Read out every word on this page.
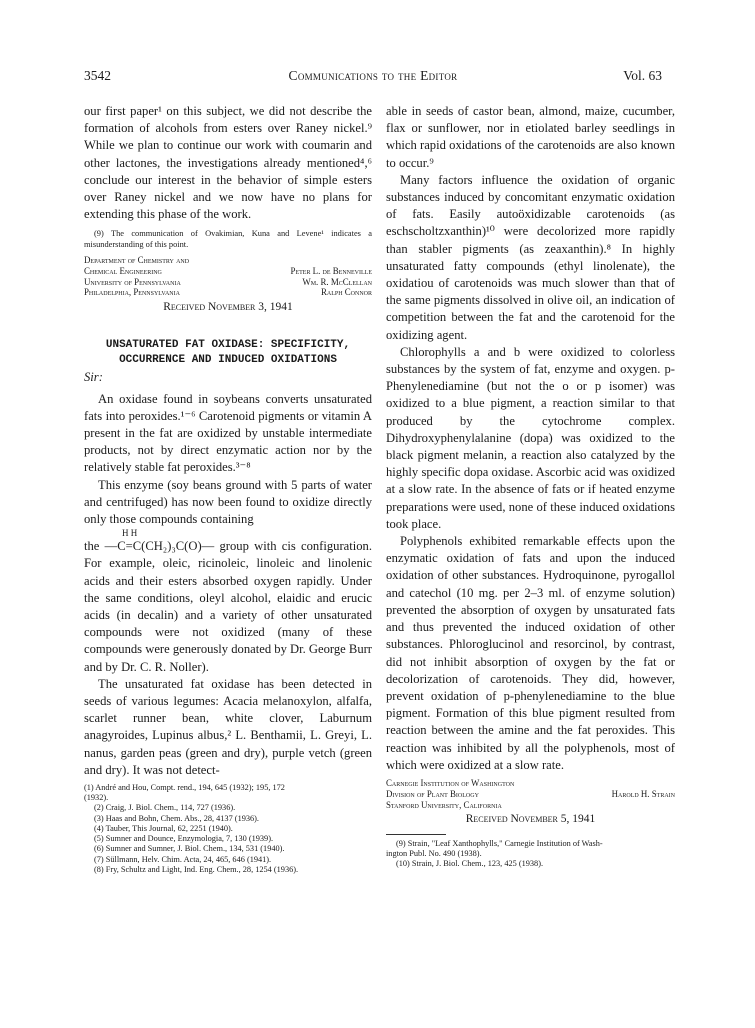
3542	Communications to the Editor	Vol. 63

our first paper¹ on this subject, we did not describe the formation of alcohols from esters over Raney nickel.⁹ While we plan to continue our work with coumarin and other lactones, the investigations already mentioned⁴,⁶ conclude our interest in the behavior of simple esters over Raney nickel and we now have no plans for extending this phase of the work.

(9) The communication of Ovakimian, Kuna and Levene¹ indicates a misunderstanding of this point.

Department of Chemistry and
Chemical Engineering	Peter L. de Benneville
University of Pennsylvania	Wm. R. McClellan
Philadelphia, Pennsylvania	Ralph Connor
Received November 3, 1941
UNSATURATED FAT OXIDASE: SPECIFICITY,
OCCURRENCE AND INDUCED OXIDATIONS

Sir:

An oxidase found in soybeans converts unsaturated fats into peroxides.¹⁻⁶ Carotenoid pigments or vitamin A present in the fat are oxidized by unstable intermediate products, not by direct enzymatic action nor by the relatively stable fat peroxides.³⁻⁸

This enzyme (soy beans ground with 5 parts of water and centrifuged) has now been found to oxidize directly only those compounds containing

H H

the —C=C(CH₂)₃C(O)— group with cis configuration. For example, oleic, ricinoleic, linoleic and linolenic acids and their esters absorbed oxygen rapidly. Under the same conditions, oleyl alcohol, elaidic and erucic acids (in decalin) and a variety of other unsaturated compounds were not oxidized (many of these compounds were generously donated by Dr. George Burr and by Dr. C. R. Noller).

The unsaturated fat oxidase has been detected in seeds of various legumes: Acacia melanoxylon, alfalfa, scarlet runner bean, white clover, Laburnum anagyroides, Lupinus albus,² L. Benthamii, L. Greyi, L. nanus, garden peas (green and dry), purple vetch (green and dry). It was not detect-

(1) André and Hou, Compt. rend., 194, 645 (1932); 195, 172
(1932).
(2) Craig, J. Biol. Chem., 114, 727 (1936).
(3) Haas and Bohn, Chem. Abs., 28, 4137 (1936).
(4) Tauber, This Journal, 62, 2251 (1940).
(5) Sumner and Dounce, Enzymologia, 7, 130 (1939).
(6) Sumner and Sumner, J. Biol. Chem., 134, 531 (1940).
(7) Süllmann, Helv. Chim. Acta, 24, 465, 646 (1941).
(8) Fry, Schultz and Light, Ind. Eng. Chem., 28, 1254 (1936).

able in seeds of castor bean, almond, maize, cucumber, flax or sunflower, nor in etiolated barley seedlings in which rapid oxidations of the carotenoids are also known to occur.⁹

Many factors influence the oxidation of organic substances induced by concomitant enzymatic oxidation of fats. Easily autoöxidizable carotenoids (as eschscholtzxanthin)¹⁰ were decolorized more rapidly than stabler pigments (as zeaxanthin).⁸ In highly unsaturated fatty compounds (ethyl linolenate), the oxidatiou of carotenoids was much slower than that of the same pigments dissolved in olive oil, an indication of competition between the fat and the carotenoid for the oxidizing agent.

Chlorophylls a and b were oxidized to colorless substances by the system of fat, enzyme and oxygen. p-Phenylenediamine (but not the o or p isomer) was oxidized to a blue pigment, a reaction similar to that produced by the cytochrome complex. Dihydroxyphenylalanine (dopa) was oxidized to the black pigment melanin, a reaction also catalyzed by the highly specific dopa oxidase. Ascorbic acid was oxidized at a slow rate. In the absence of fats or if heated enzyme preparations were used, none of these induced oxidations took place.

Polyphenols exhibited remarkable effects upon the enzymatic oxidation of fats and upon the induced oxidation of other substances. Hydroquinone, pyrogallol and catechol (10 mg. per 2–3 ml. of enzyme solution) prevented the absorption of oxygen by unsaturated fats and thus prevented the induced oxidation of other substances. Phloroglucinol and resorcinol, by contrast, did not inhibit absorption of oxygen by the fat or decolorization of carotenoids. They did, however, prevent oxidation of p-phenylenediamine to the blue pigment. Formation of this blue pigment resulted from reaction between the amine and the fat peroxides. This reaction was inhibited by all the polyphenols, most of which were oxidized at a slow rate.

Carnegie Institution of Washington
Division of Plant Biology	Harold H. Strain
Stanford University, California
Received November 5, 1941
(9) Strain, "Leaf Xanthophylls," Carnegie Institution of Wash-
ington Publ. No. 490 (1938).
(10) Strain, J. Biol. Chem., 123, 425 (1938).
